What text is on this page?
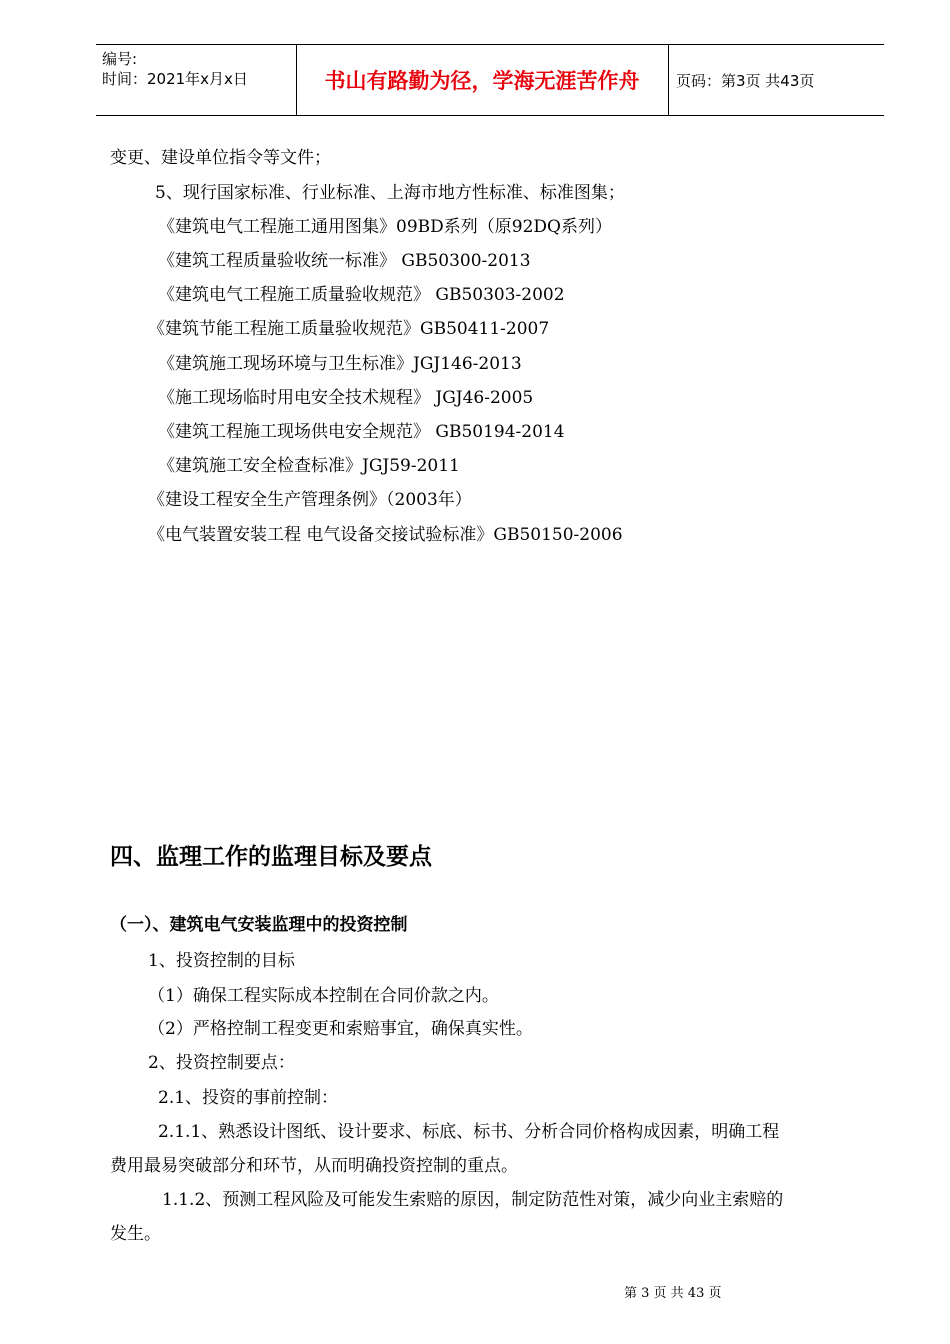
编号:
时间：2021年x月x日	书山有路勤为径，学海无涯苦作舟	页码：第3页 共43页
变更、建设单位指令等文件；
5、现行国家标准、行业标准、上海市地方性标准、标准图集；
《建筑电气工程施工通用图集》09BD系列（原92DQ系列）
《建筑工程质量验收统一标准》 GB50300-2013
《建筑电气工程施工质量验收规范》 GB50303-2002
《建筑节能工程施工质量验收规范》GB50411-2007
《建筑施工现场环境与卫生标准》JGJ146-2013
《施工现场临时用电安全技术规程》 JGJ46-2005
《建筑工程施工现场供电安全规范》 GB50194-2014
《建筑施工安全检查标准》JGJ59-2011
《建设工程安全生产管理条例》（2003年）
《电气装置安装工程 电气设备交接试验标准》GB50150-2006
四、监理工作的监理目标及要点
（一）、建筑电气安装监理中的投资控制
1、投资控制的目标
（1）确保工程实际成本控制在合同价款之内。
（2）严格控制工程变更和索赔事宜，确保真实性。
2、投资控制要点：
2.1、投资的事前控制：
2.1.1、熟悉设计图纸、设计要求、标底、标书、分析合同价格构成因素，明确工程
费用最易突破部分和环节，从而明确投资控制的重点。
1.1.2、预测工程风险及可能发生索赔的原因，制定防范性对策，减少向业主索赔的
发生。
第 3 页 共 43 页
